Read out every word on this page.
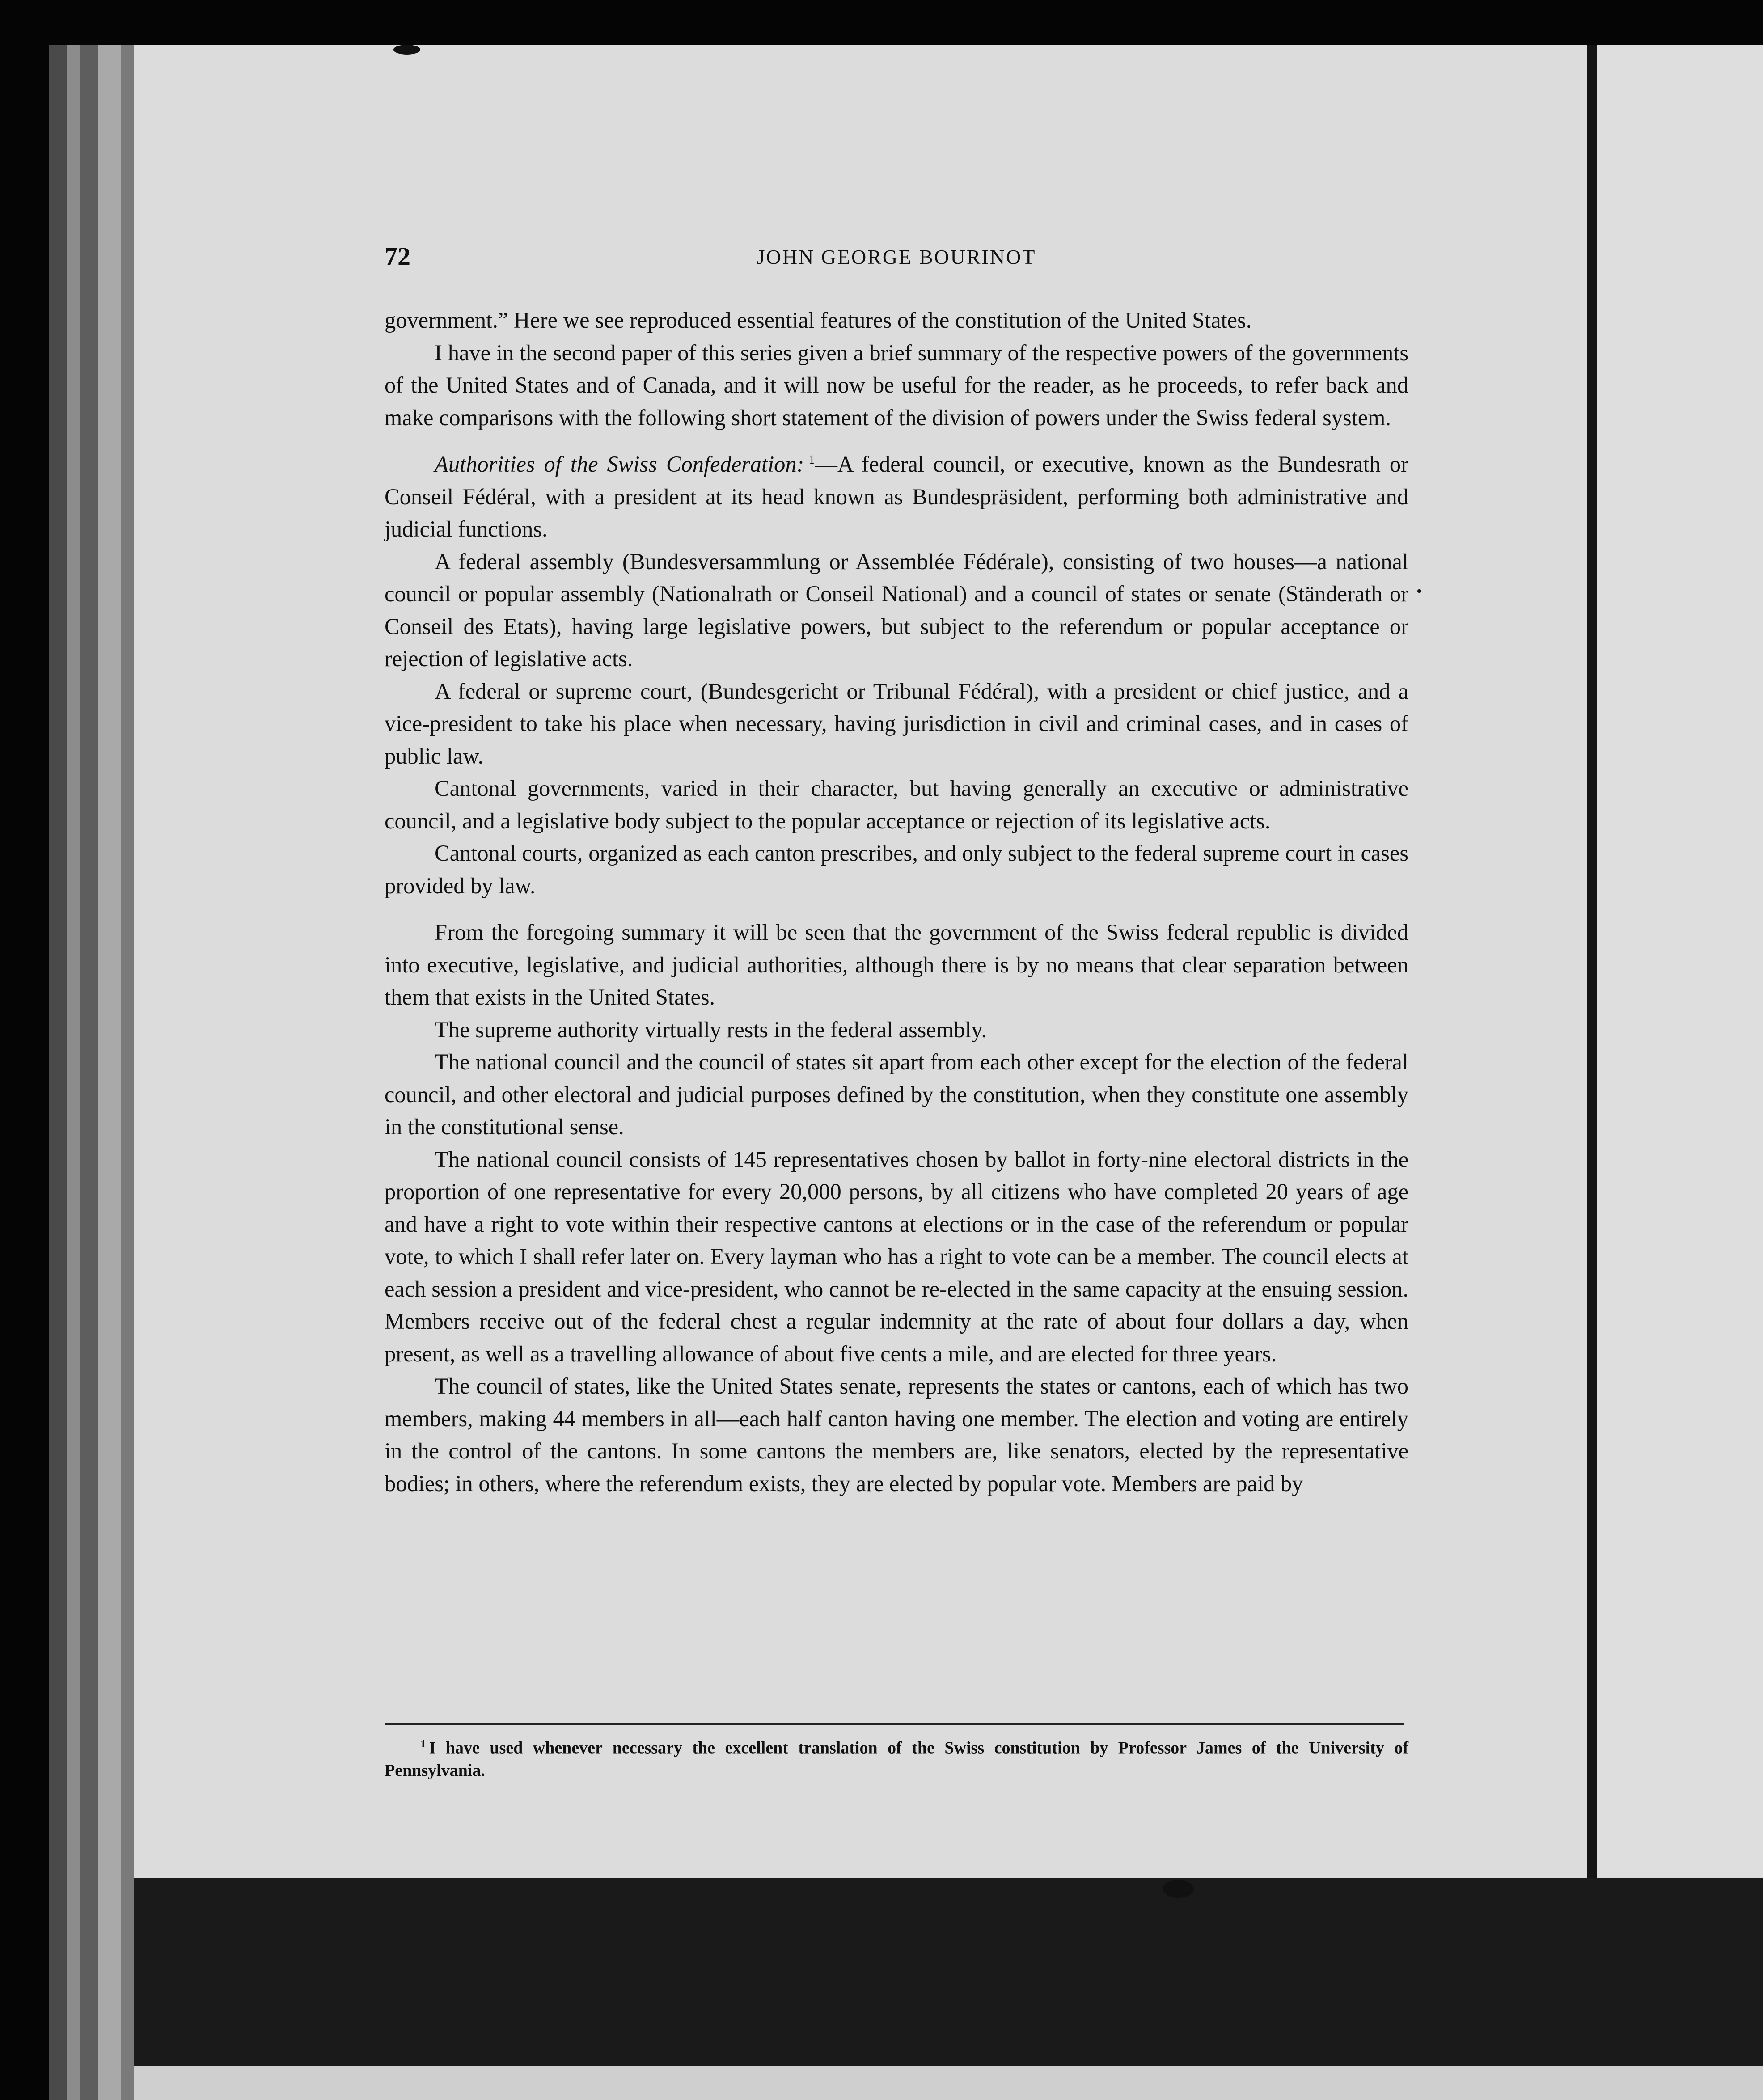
72	JOHN GEORGE BOURINOT

government.” Here we see reproduced essential features of the constitution of the United States.

I have in the second paper of this series given a brief summary of the respective powers of the governments of the United States and of Canada, and it will now be useful for the reader, as he proceeds, to refer back and make comparisons with the following short statement of the division of powers under the Swiss federal system.

Authorities of the Swiss Confederation:  $^1$—A federal council, or executive, known as the Bundesrath or Conseil Fédéral, with a president at its head known as Bundespräsident, performing both administrative and judicial functions.

A federal assembly (Bundesversammlung or Assemblée Fédérale), consisting of two houses—a national council or popular assembly (Nationalrath or Conseil National) and a council of states or senate (Ständerath or Conseil des Etats), having large legislative powers, but subject to the referendum or popular acceptance or rejection of legislative acts.

A federal or supreme court, (Bundesgericht or Tribunal Fédéral), with a president or chief justice, and a vice-president to take his place when necessary, having jurisdiction in civil and criminal cases, and in cases of public law.

Cantonal governments, varied in their character, but having generally an executive or administrative council, and a legislative body subject to the popular acceptance or rejection of its legislative acts.

Cantonal courts, organized as each canton prescribes, and only subject to the federal supreme court in cases provided by law.

From the foregoing summary it will be seen that the government of the Swiss federal republic is divided into executive, legislative, and judicial authorities, although there is by no means that clear separation between them that exists in the United States.

The supreme authority virtually rests in the federal assembly.

The national council and the council of states sit apart from each other except for the election of the federal council, and other electoral and judicial purposes defined by the constitution, when they constitute one assembly in the constitutional sense.

The national council consists of 145 representatives chosen by ballot in forty-nine electoral districts in the proportion of one representative for every 20,000 persons, by all citizens who have completed 20 years of age and have a right to vote within their respective cantons at elections or in the case of the referendum or popular vote, to which I shall refer later on. Every layman who has a right to vote can be a member. The council elects at each session a president and vice-president, who cannot be re-elected in the same capacity at the ensuing session. Members receive out of the federal chest a regular indemnity at the rate of about four dollars a day, when present, as well as a travelling allowance of about five cents a mile, and are elected for three years.

The council of states, like the United States senate, represents the states or cantons, each of which has two members, making 44 members in all—each half canton having one member. The election and voting are entirely in the control of the cantons. In some cantons the members are, like senators, elected by the representative bodies; in others, where the referendum exists, they are elected by popular vote. Members are paid by

$^1$  I have used whenever necessary the excellent translation of the Swiss constitution by Professor James of the University of Pennsylvania.
